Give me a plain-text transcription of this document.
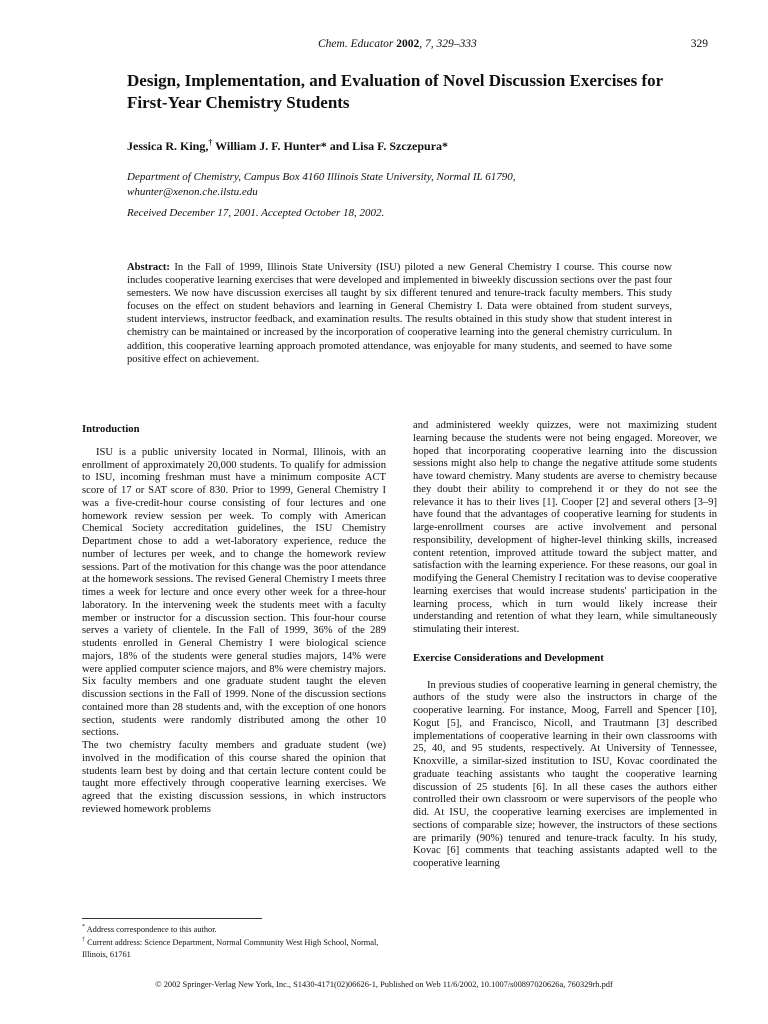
Chem. Educator 2002, 7, 329–333	329
Design, Implementation, and Evaluation of Novel Discussion Exercises for First-Year Chemistry Students
Jessica R. King,† William J. F. Hunter* and Lisa F. Szczepura*
Department of Chemistry, Campus Box 4160 Illinois State University, Normal IL 61790,
whunter@xenon.che.ilstu.edu
Received December 17, 2001. Accepted October 18, 2002.

Abstract: In the Fall of 1999, Illinois State University (ISU) piloted a new General Chemistry I course. This course now includes cooperative learning exercises that were developed and implemented in biweekly discussion sections over the past four semesters. We now have discussion exercises all taught by six different tenured and tenure-track faculty members. This study focuses on the effect on student behaviors and learning in General Chemistry I. Data were obtained from student surveys, student interviews, instructor feedback, and examination results. The results obtained in this study show that student interest in chemistry can be maintained or increased by the incorporation of cooperative learning into the general chemistry curriculum. In addition, this cooperative learning approach promoted attendance, was enjoyable for many students, and seemed to have some positive effect on achievement.

Introduction

ISU is a public university located in Normal, Illinois, with an enrollment of approximately 20,000 students. To qualify for admission to ISU, incoming freshman must have a minimum composite ACT score of 17 or SAT score of 830. Prior to 1999, General Chemistry I was a five-credit-hour course consisting of four lectures and one homework review session per week. To comply with American Chemical Society accreditation guidelines, the ISU Chemistry Department chose to add a wet-laboratory experience, reduce the number of lectures per week, and to change the homework review sessions. Part of the motivation for this change was the poor attendance at the homework sessions. The revised General Chemistry I meets three times a week for lecture and once every other week for a three-hour laboratory. In the intervening week the students meet with a faculty member or instructor for a discussion section. This four-hour course serves a variety of clientele. In the Fall of 1999, 36% of the 289 students enrolled in General Chemistry I were biological science majors, 18% of the students were general studies majors, 14% were were applied computer science majors, and 8% were chemistry majors. Six faculty members and one graduate student taught the eleven discussion sections in the Fall of 1999. None of the discussion sections contained more than 28 students and, with the exception of one honors section, students were randomly distributed among the other 10 sections.

The two chemistry faculty members and graduate student (we) involved in the modification of this course shared the opinion that students learn best by doing and that certain lecture content could be taught more effectively through cooperative learning exercises. We agreed that the existing discussion sessions, in which instructors reviewed homework problems

and administered weekly quizzes, were not maximizing student learning because the students were not being engaged. Moreover, we hoped that incorporating cooperative learning into the discussion sessions might also help to change the negative attitude some students have toward chemistry. Many students are averse to chemistry because they doubt their ability to comprehend it or they do not see the relevance it has to their lives [1]. Cooper [2] and several others [3–9] have found that the advantages of cooperative learning for students in large-enrollment courses are active involvement and personal responsibility, development of higher-level thinking skills, increased content retention, improved attitude toward the subject matter, and satisfaction with the learning experience. For these reasons, our goal in modifying the General Chemistry I recitation was to devise cooperative learning exercises that would increase students' participation in the learning process, which in turn would likely increase their understanding and retention of what they learn, while simultaneously stimulating their interest.

Exercise Considerations and Development

In previous studies of cooperative learning in general chemistry, the authors of the study were also the instructors in charge of the cooperative learning. For instance, Moog, Farrell and Spencer [10], Kogut [5], and Francisco, Nicoll, and Trautmann [3] described implementations of cooperative learning in their own classrooms with 25, 40, and 95 students, respectively. At University of Tennessee, Knoxville, a similar-sized institution to ISU, Kovac coordinated the graduate teaching assistants who taught the cooperative learning discussion of 25 students [6]. In all these cases the authors either controlled their own classroom or were supervisors of the people who did. At ISU, the cooperative learning exercises are implemented in sections of comparable size; however, the instructors of these sections are primarily (90%) tenured and tenure-track faculty. In his study, Kovac [6] comments that teaching assistants adapted well to the cooperative learning

* Address correspondence to this author.
† Current address: Science Department, Normal Community West High School, Normal, Illinois, 61761
© 2002 Springer-Verlag New York, Inc., S1430-4171(02)06626-1, Published on Web 11/6/2002, 10.1007/s00897020626a, 760329rh.pdf
